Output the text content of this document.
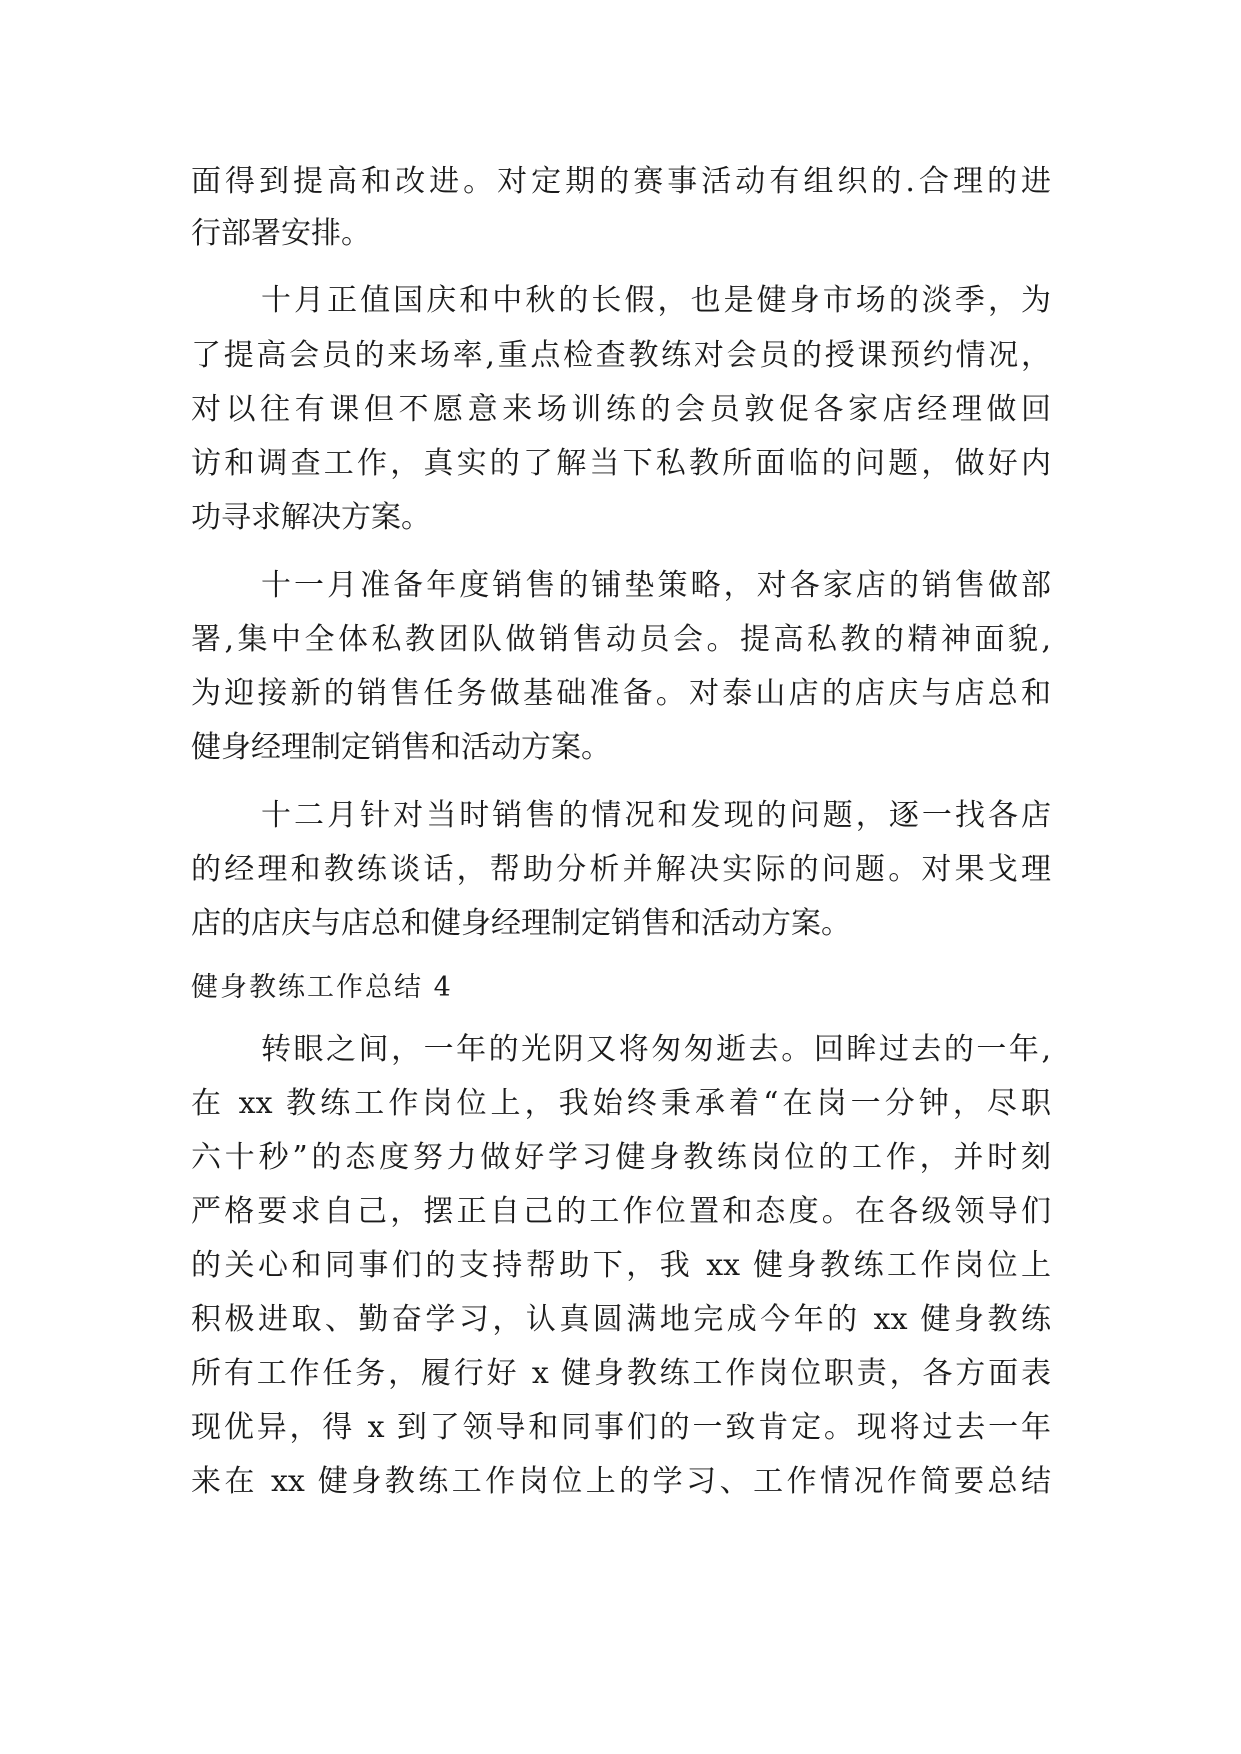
面得到提高和改进。对定期的赛事活动有组织的.合理的进
行部署安排。
十月正值国庆和中秋的长假，也是健身市场的淡季，为
了提高会员的来场率,重点检查教练对会员的授课预约情况，
对以往有课但不愿意来场训练的会员敦促各家店经理做回
访和调查工作，真实的了解当下私教所面临的问题，做好内
功寻求解决方案。
十一月准备年度销售的铺垫策略，对各家店的销售做部
署,集中全体私教团队做销售动员会。提高私教的精神面貌,
为迎接新的销售任务做基础准备。对泰山店的店庆与店总和
健身经理制定销售和活动方案。
十二月针对当时销售的情况和发现的问题，逐一找各店
的经理和教练谈话，帮助分析并解决实际的问题。对果戈理
店的店庆与店总和健身经理制定销售和活动方案。
健身教练工作总结 4
转眼之间，一年的光阴又将匆匆逝去。回眸过去的一年,
在 xx 教练工作岗位上，我始终秉承着“在岗一分钟，尽职
六十秒”的态度努力做好学习健身教练岗位的工作，并时刻
严格要求自己，摆正自己的工作位置和态度。在各级领导们
的关心和同事们的支持帮助下，我 xx 健身教练工作岗位上
积极进取、勤奋学习，认真圆满地完成今年的 xx 健身教练
所有工作任务，履行好 x 健身教练工作岗位职责，各方面表
现优异，得 x 到了领导和同事们的一致肯定。现将过去一年
来在 xx 健身教练工作岗位上的学习、工作情况作简要总结
